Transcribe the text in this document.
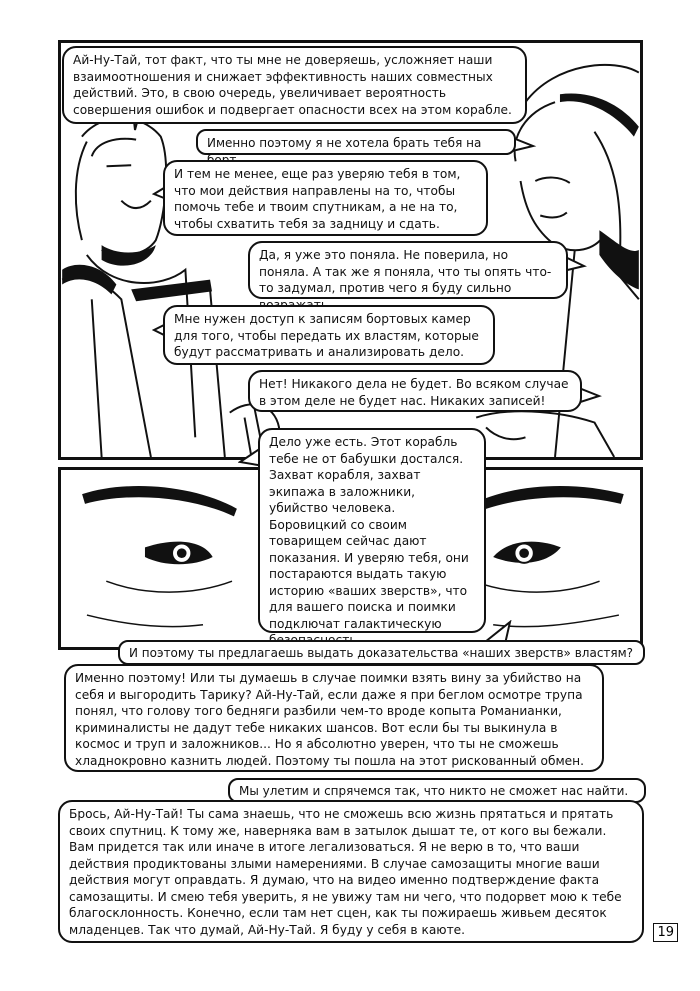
Ай-Ну-Тай, тот факт, что ты мне не доверяешь, усложняет наши взаимоотношения и снижает эффективность наших совместных действий. Это, в свою очередь, увеличивает вероятность совершения ошибок и подвергает опасности всех на этом корабле.
Именно поэтому я не хотела брать тебя на
И тем не менее, еще раз уверяю тебя в том, что мои действия направлены на то, чтобы помочь тебе и твоим спутникам, а не на то, чтобы схватить тебя за задницу и сдать.
Да, я уже это поняла. Не поверила, но поняла. А так же я поняла, что ты опять что-то задумал, против чего я буду сильно
Мне нужен доступ к записям бортовых камер для того, чтобы передать их властям, которые будут рассматривать и анализировать дело.
Нет! Никакого дела не будет. Во всяком случае в этом деле не будет нас. Никаких записей!
Дело уже есть. Этот корабль тебе не от бабушки достался. Захват корабля, захват экипажа в заложники, убийство человека. Боровицкий со своим товарищем сейчас дают показания. И уверяю тебя, они постараются выдать такую историю «ваших зверств», что для вашего поиска и поимки подключат галактическую
И поэтому ты предлагаешь выдать доказательства «наших зверств» властям?
Именно поэтому! Или ты думаешь в случае поимки взять вину за убийство на себя и выгородить Тарику? Ай-Ну-Тай, если даже я при беглом осмотре трупа понял, что голову того бедняги разбили чем-то вроде копыта Романианки, криминалисты не дадут тебе никаких шансов. Вот если бы ты выкинула в космос и труп и заложников... Но я абсолютно уверен, что ты не сможешь хладнокровно казнить людей. Поэтому ты пошла на этот рискованный обмен.
Мы улетим и спрячемся так, что никто не сможет нас найти.
Брось, Ай-Ну-Тай! Ты сама знаешь, что не сможешь всю жизнь прятаться и прятать своих спутниц. К тому же, наверняка вам в затылок дышат те, от кого вы бежали. Вам придется так или иначе в итоге легализоваться. Я не верю в то, что ваши действия продиктованы злыми намерениями. В случае самозащиты многие ваши действия могут оправдать. Я думаю, что на видео именно подтверждение факта самозащиты. И смею тебя уверить, я не увижу там ни чего, что подорвет мою к тебе благосклонность. Конечно, если там нет сцен, как ты пожираешь живьем десяток младенцев. Так что думай, Ай-Ну-Тай. Я буду у себя в каюте.	19
